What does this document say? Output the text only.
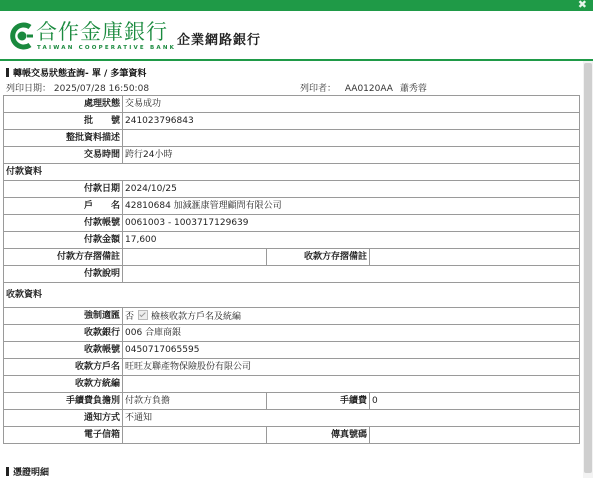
✖
合作金庫銀行
TAIWAN COOPERATIVE BANK 企業網路銀行
轉帳交易狀態查詢- 單 / 多筆資料
列印日期： 2025/07/28 16:50:08	列印者： AA0120AA 蕭秀蓉
處理狀態	交易成功		
批　　號	241023796843		
整批資料描述			
交易時間	跨行24小時		
付款資料			
付款日期	2024/10/25		
戶　　名	42810684 加減滙康管理顧問有限公司		
付款帳號	0061003 - 1003717129639		
付款金額	17,600		
付款方存摺備註		收款方存摺備註	
付款說明			
收款資料			
強制適匯	否 檢核收款方戶名及統編		
收款銀行	006 合庫商銀		
收款帳號	0450717065595		
收款方戶名	旺旺友聯產物保險股份有限公司		
收款方統編			
手續費負擔別	付款方負擔	手續費	0
通知方式	不通知		
電子信箱		傳真號碼	
憑證明細
